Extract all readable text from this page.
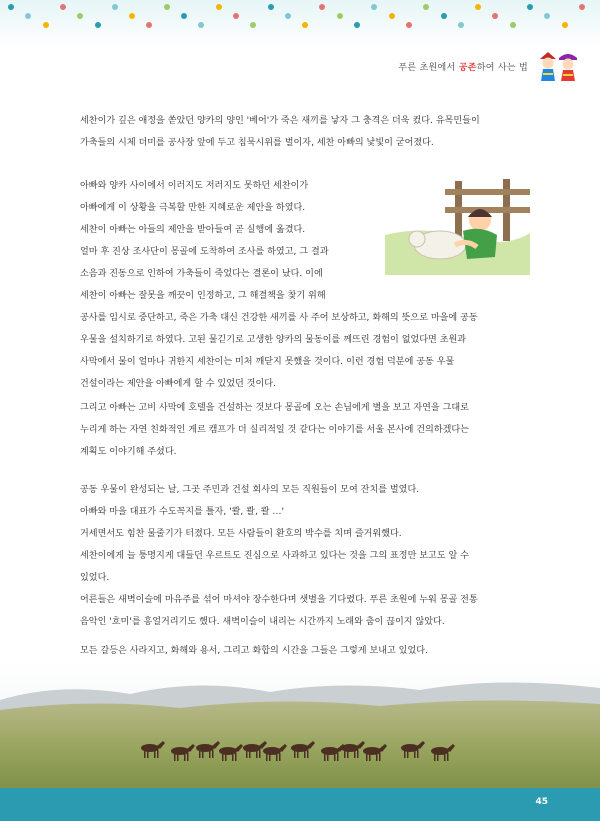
푸른 초원에서 공존하여 사는 법

세찬이가 깊은 애정을 쏟았던 양카의 양인 '베어'가 죽은 새끼를 낳자 그 충격은 더욱 컸다. 유목민들이

가축들의 시체 더미를 공사장 앞에 두고 침묵시위를 벌이자, 세찬 아빠의 낯빛이 굳어졌다.

아빠와 양카 사이에서 이러지도 저러지도 못하던 세찬이가

아빠에게 이 상황을 극복할 만한 지혜로운 제안을 하였다.

세찬이 아빠는 아들의 제안을 받아들여 곧 실행에 옮겼다.

얼마 후 진상 조사단이 몽골에 도착하여 조사를 하였고, 그 결과

소음과 진동으로 인하여 가축들이 죽었다는 결론이 났다. 이에

세찬이 아빠는 잘못을 깨끗이 인정하고, 그 해결책을 찾기 위해

공사를 임시로 중단하고, 죽은 가축 대신 건강한 새끼를 사 주어 보상하고, 화해의 뜻으로 마을에 공동

우물을 설치하기로 하였다. 고된 물긷기로 고생한 양카의 물동이를 께뜨린 경험이 없었다면 초원과

사막에서 물이 얼마나 귀한지 세찬이는 미처 깨닫지 못했을 것이다. 이런 경험 덕분에 공동 우물

건설이라는 제안을 아빠에게 할 수 있었던 것이다.

그리고 아빠는 고비 사막에 호텔을 건설하는 것보다 몽골에 오는 손님에게 별을 보고 자연을 그대로

누리게 하는 자연 친화적인 게르 캠프가 더 실리적일 것 같다는 이야기를 서울 본사에 건의하겠다는

계획도 이야기해 주셨다.

공동 우물이 완성되는 날, 그곳 주민과 건설 회사의 모든 직원들이 모여 잔치를 벌였다.

아빠와 마을 대표가 수도꼭지를 틀자, '콸, 콸, 콸 …'

거세면서도 힘찬 물줄기가 터졌다. 모든 사람들이 환호의 박수를 치며 즐거워했다.

세찬이에게 늘 퉁명지게 대들던 우르트도 진심으로 사과하고 있다는 것을 그의 표정만 보고도 알 수

있었다.

어른들은 새벽이슬에 마유주를 섞어 마셔야 장수한다며 샛별을 기다렸다. 푸른 초원에 누워 몽골 전통

음악인 '흐미'를 흥얼거리기도 했다. 새벽이슬이 내리는 시간까지 노래와 춤이 끊이지 않았다.

모든 갈등은 사라지고, 화해와 용서, 그리고 화합의 시간을 그들은 그렇게 보내고 있었다.

45
